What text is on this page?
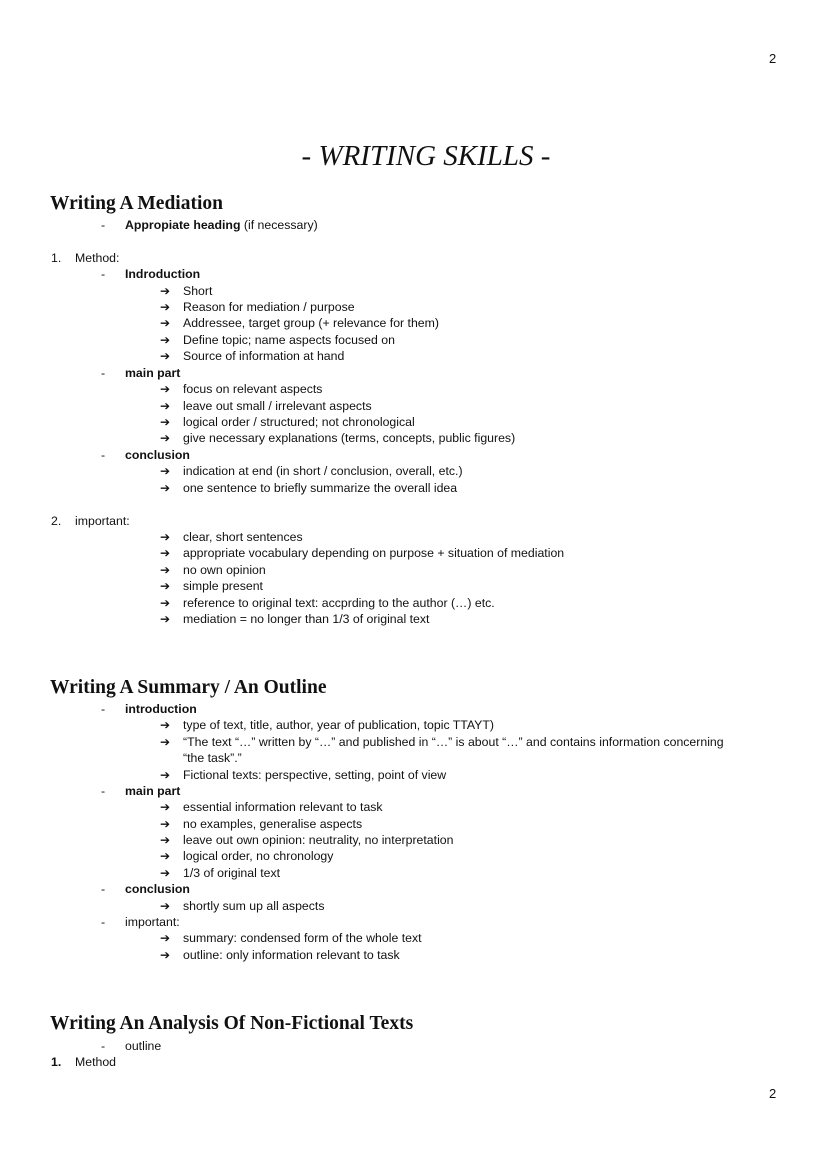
2
2
- WRITING SKILLS -
Writing A Mediation
- Appropiate heading (if necessary)
1. Method:
- Indroduction
➔ Short
➔ Reason for mediation / purpose
➔ Addressee, target group (+ relevance for them)
➔ Define topic; name aspects focused on
➔ Source of information at hand
- main part
➔ focus on relevant aspects
➔ leave out small / irrelevant aspects
➔ logical order / structured; not chronological
➔ give necessary explanations (terms, concepts, public figures)
- conclusion
➔ indication at end (in short / conclusion, overall, etc.)
➔ one sentence to briefly summarize the overall idea
2. important:
➔ clear, short sentences
➔ appropriate vocabulary depending on purpose + situation of mediation
➔ no own opinion
➔ simple present
➔ reference to original text: accprding to the author (…) etc.
➔ mediation = no longer than 1/3 of original text
Writing A Summary / An Outline
- introduction
➔ type of text, title, author, year of publication, topic TTAYT)
➔ “The text “…” written by “…” and published in “…” is about “…” and contains information concerning
“the task”.”
➔ Fictional texts: perspective, setting, point of view
- main part
➔ essential information relevant to task
➔ no examples, generalise aspects
➔ leave out own opinion: neutrality, no interpretation
➔ logical order, no chronology
➔ 1/3 of original text
- conclusion
➔ shortly sum up all aspects
- important:
➔ summary: condensed form of the whole text
➔ outline: only information relevant to task
Writing An Analysis Of Non-Fictional Texts
- outline
1. Method
